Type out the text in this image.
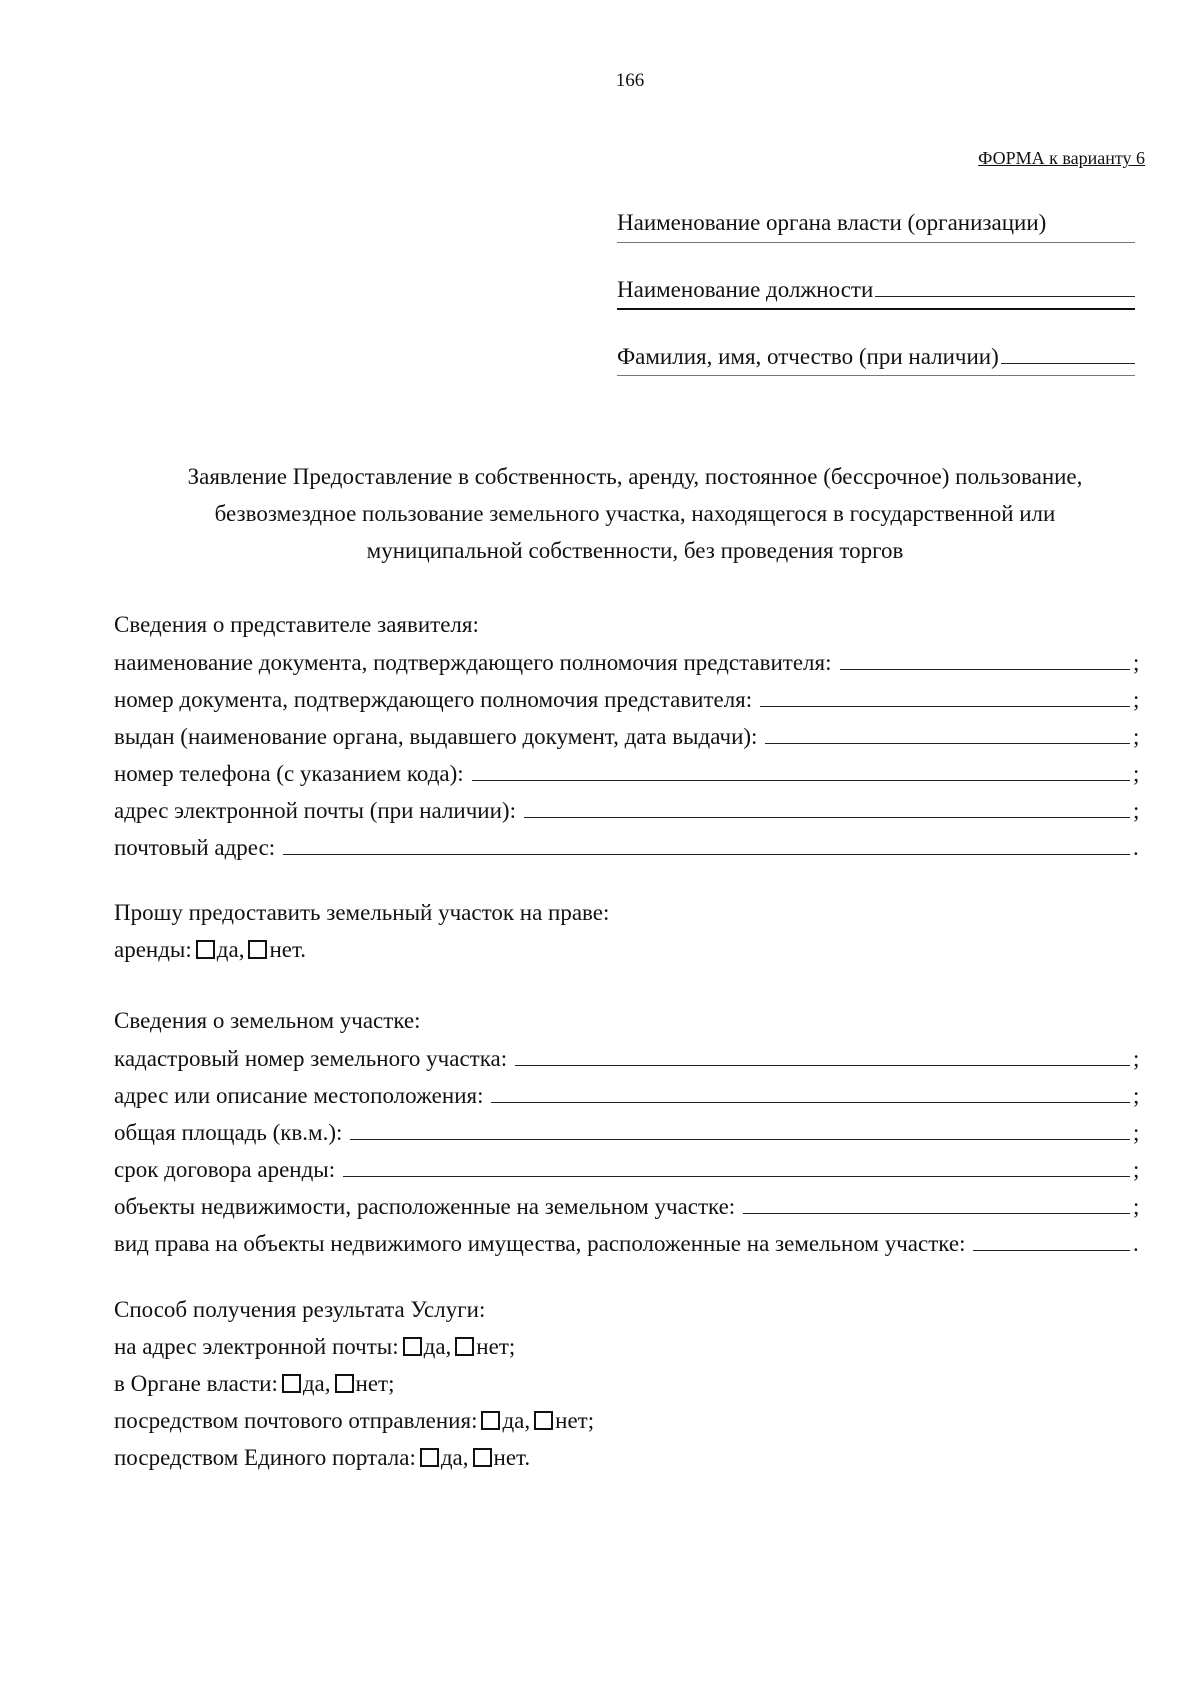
166
ФОРМА к варианту 6
Наименование органа власти (организации)
Наименование должности
Фамилия, имя, отчество (при наличии)
Заявление Предоставление в собственность, аренду, постоянное (бессрочное) пользование,
безвозмездное пользование земельного участка, находящегося в государственной или
муниципальной собственности, без проведения торгов
Сведения о представителе заявителя:
наименование документа, подтверждающего полномочия представителя:	;
номер документа, подтверждающего полномочия представителя:	;
выдан (наименование органа, выдавшего документ, дата выдачи):	;
номер телефона (с указанием кода):	;
адрес электронной почты (при наличии):	;
почтовый адрес:	.
Прошу предоставить земельный участок на праве:
аренды: да, нет.
Сведения о земельном участке:
кадастровый номер земельного участка:	;
адрес или описание местоположения:	;
общая площадь (кв.м.):	;
срок договора аренды:	;
объекты недвижимости, расположенные на земельном участке:	;
вид права на объекты недвижимого имущества, расположенные на земельном участке:	.
Способ получения результата Услуги:
на адрес электронной почты: да, нет;
в Органе власти: да, нет;
посредством почтового отправления: да, нет;
посредством Единого портала: да, нет.
